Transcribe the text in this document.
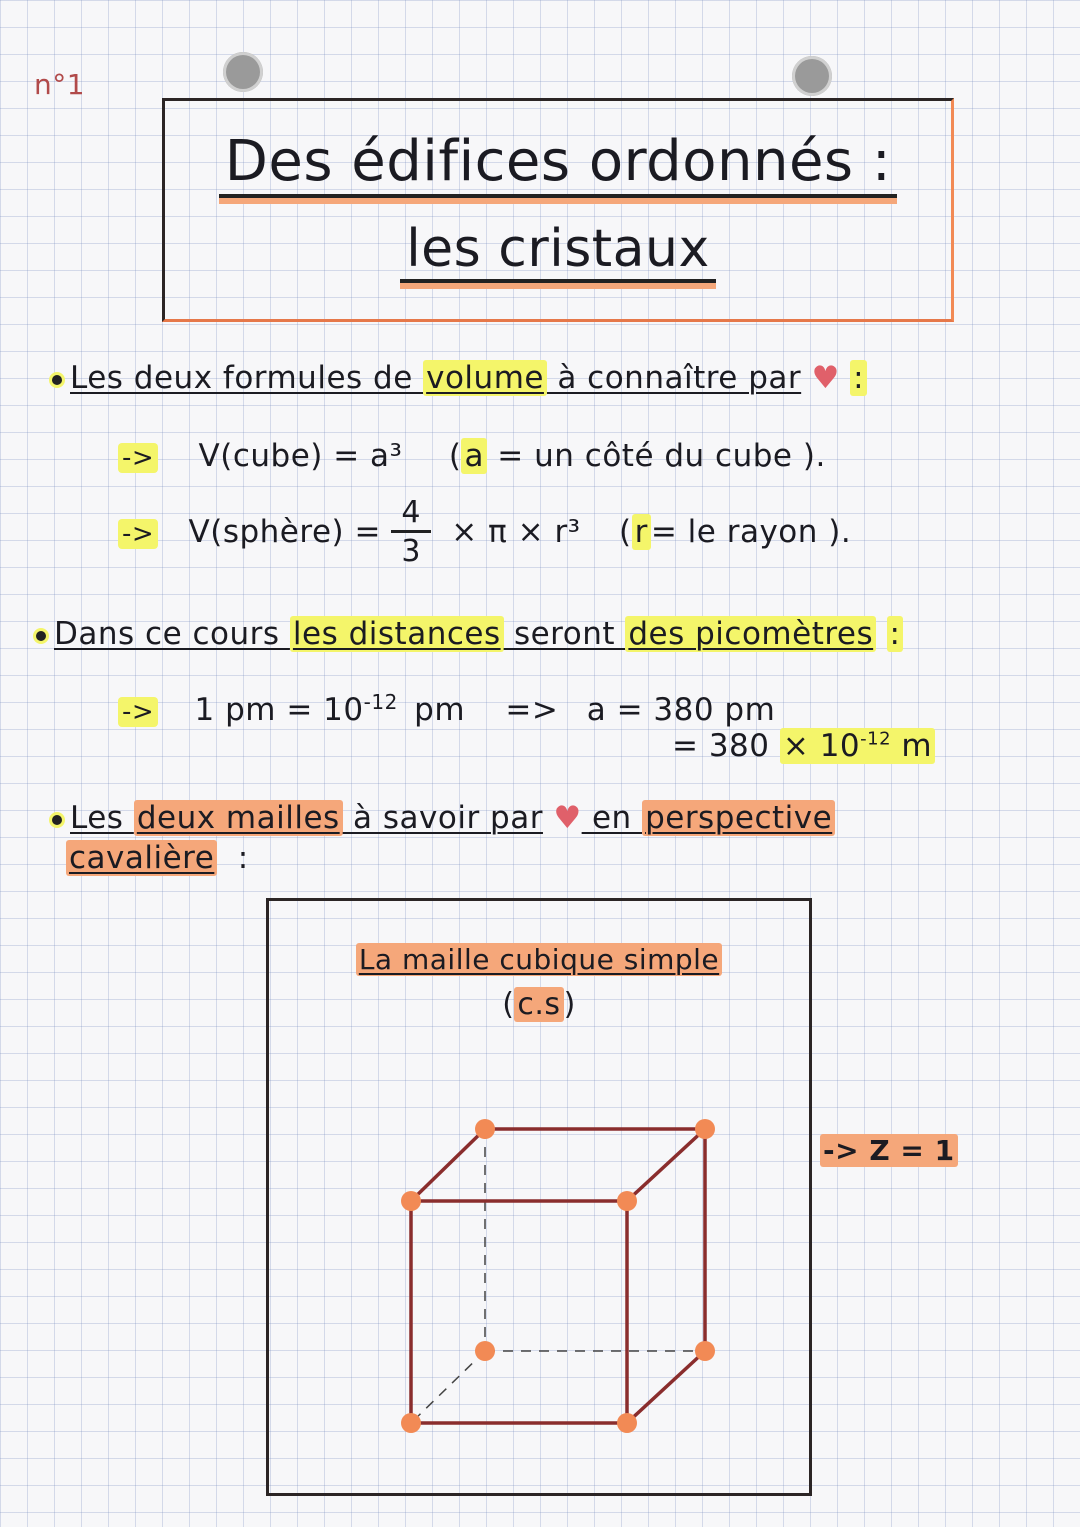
n°1
Des édifices ordonnés :
les cristaux
Les deux formules de volume à connaître par ♥ :
-> V(cube) = a³ (a = un côté du cube ).
-> V(sphère) = $\frac{4}{3} \times \pi \times r^3$ (r= le rayon ).
Dans ce cours les distances seront des picomètres :
-> 1 pm = $10^{-12}$ pm => a = 380 pm
= $380 \times 10^{-12}$ m
Les deux mailles à savoir par ♥ en perspective
cavalière :
La maille cubique simple
( c.s )
-> Z = 1
